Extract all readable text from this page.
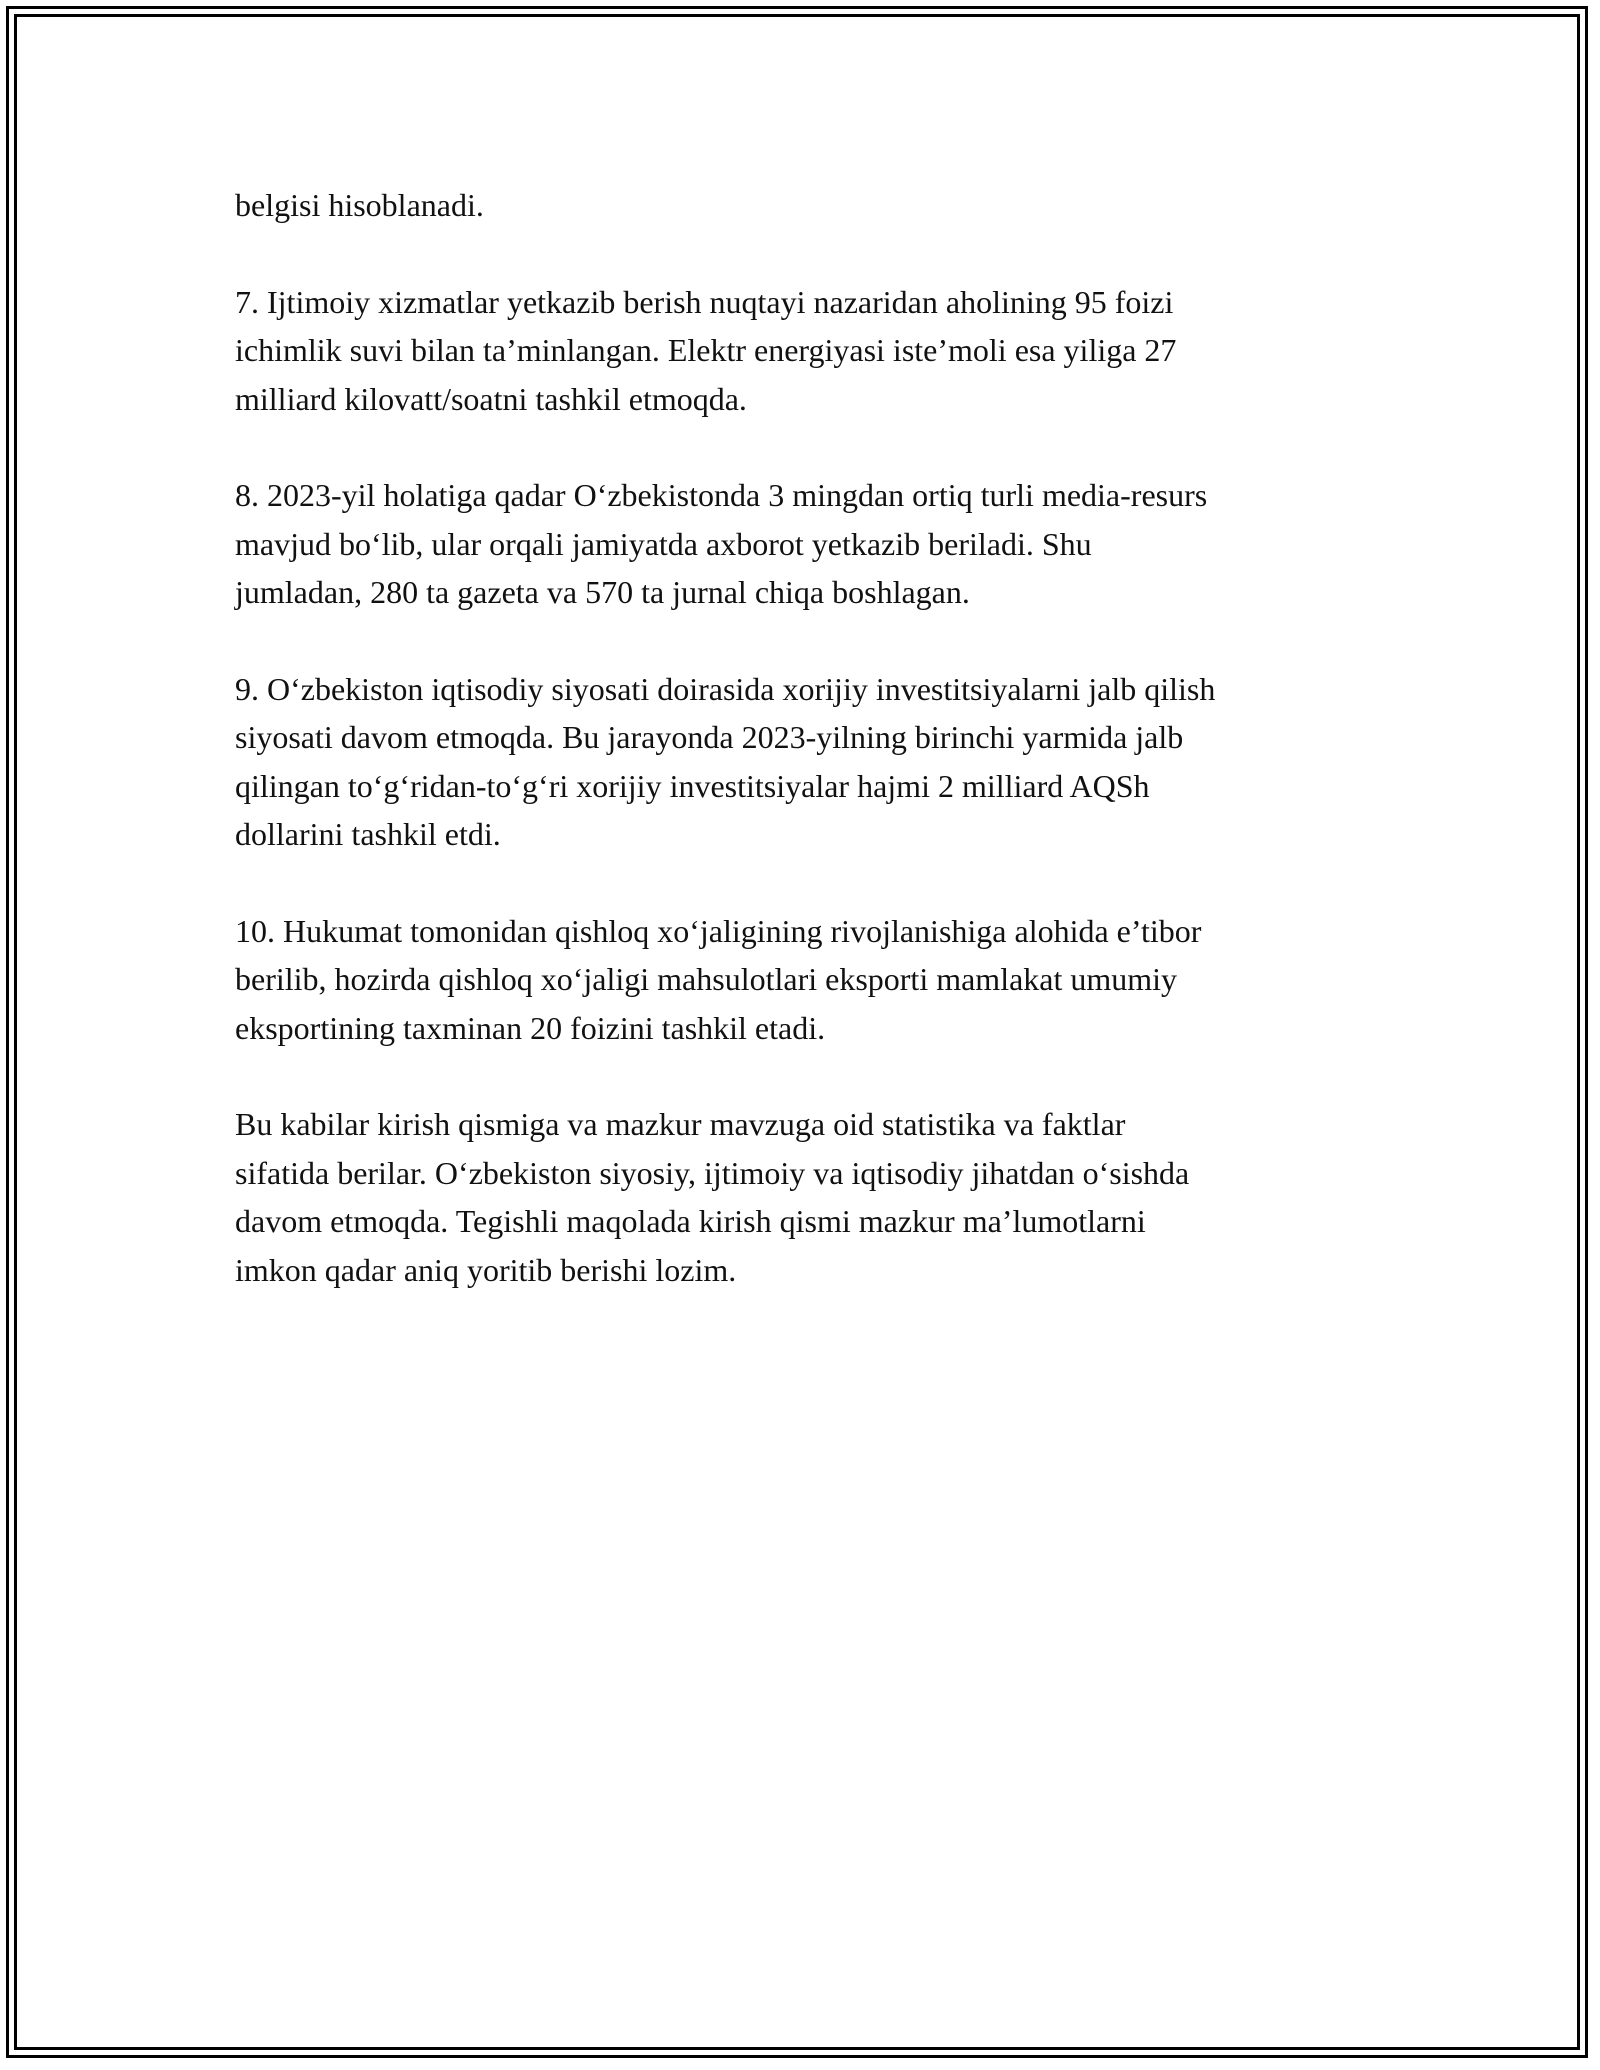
belgisi hisoblanadi.

7. Ijtimoiy xizmatlar yetkazib berish nuqtayi nazaridan aholining 95 foizi
ichimlik suvi bilan ta’minlangan. Elektr energiyasi iste’moli esa yiliga 27
milliard kilovatt/soatni tashkil etmoqda.

8. 2023-yil holatiga qadar O‘zbekistonda 3 mingdan ortiq turli media-resurs
mavjud bo‘lib, ular orqali jamiyatda axborot yetkazib beriladi. Shu
jumladan, 280 ta gazeta va 570 ta jurnal chiqa boshlagan.

9. O‘zbekiston iqtisodiy siyosati doirasida xorijiy investitsiyalarni jalb qilish
siyosati davom etmoqda. Bu jarayonda 2023-yilning birinchi yarmida jalb
qilingan to‘g‘ridan-to‘g‘ri xorijiy investitsiyalar hajmi 2 milliard AQSh
dollarini tashkil etdi.

10. Hukumat tomonidan qishloq xo‘jaligining rivojlanishiga alohida e’tibor
berilib, hozirda qishloq xo‘jaligi mahsulotlari eksporti mamlakat umumiy
eksportining taxminan 20 foizini tashkil etadi.

Bu kabilar kirish qismiga va mazkur mavzuga oid statistika va faktlar
sifatida berilar. O‘zbekiston siyosiy, ijtimoiy va iqtisodiy jihatdan o‘sishda
davom etmoqda. Tegishli maqolada kirish qismi mazkur ma’lumotlarni
imkon qadar aniq yoritib berishi lozim.
